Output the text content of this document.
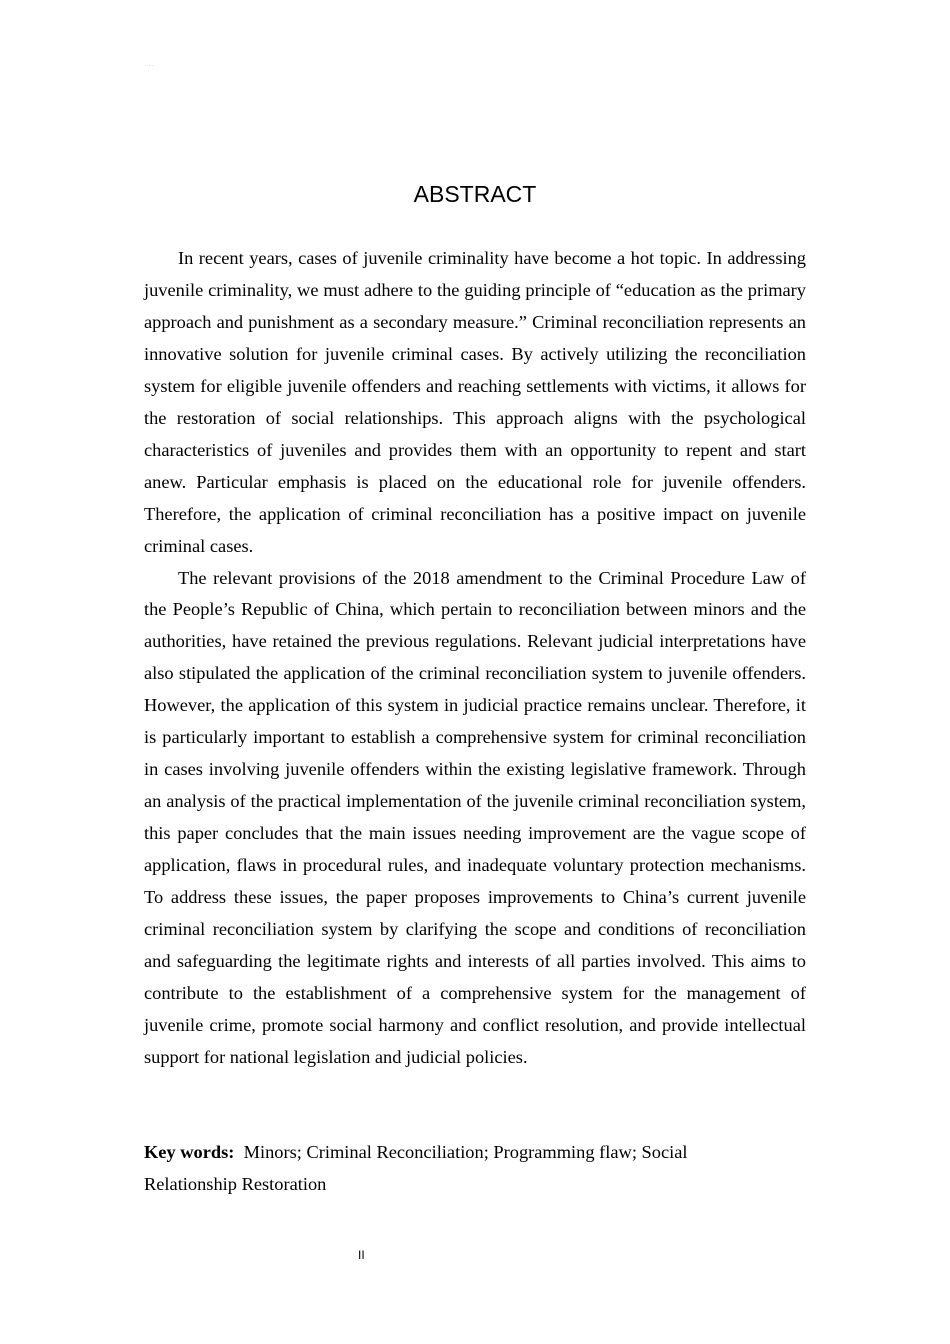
·····
ABSTRACT

In recent years, cases of juvenile criminality have become a hot topic. In addressing juvenile criminality, we must adhere to the guiding principle of “education as the primary approach and punishment as a secondary measure.” Criminal reconciliation represents an innovative solution for juvenile criminal cases. By actively utilizing the reconciliation system for eligible juvenile offenders and reaching settlements with victims, it allows for the restoration of social relationships. This approach aligns with the psychological characteristics of juveniles and provides them with an opportunity to repent and start anew. Particular emphasis is placed on the educational role for juvenile offenders. Therefore, the application of criminal reconciliation has a positive impact on juvenile criminal cases.

The relevant provisions of the 2018 amendment to the Criminal Procedure Law of the People’s Republic of China, which pertain to reconciliation between minors and the authorities, have retained the previous regulations. Relevant judicial interpretations have also stipulated the application of the criminal reconciliation system to juvenile offenders. However, the application of this system in judicial practice remains unclear. Therefore, it is particularly important to establish a comprehensive system for criminal reconciliation in cases involving juvenile offenders within the existing legislative framework. Through an analysis of the practical implementation of the juvenile criminal reconciliation system, this paper concludes that the main issues needing improvement are the vague scope of application, flaws in procedural rules, and inadequate voluntary protection mechanisms. To address these issues, the paper proposes improvements to China’s current juvenile criminal reconciliation system by clarifying the scope and conditions of reconciliation and safeguarding the legitimate rights and interests of all parties involved. This aims to contribute to the establishment of a comprehensive system for the management of juvenile crime, promote social harmony and conflict resolution, and provide intellectual support for national legislation and judicial policies.

Key words: Minors; Criminal Reconciliation; Programming flaw; Social
Relationship Restoration
II
